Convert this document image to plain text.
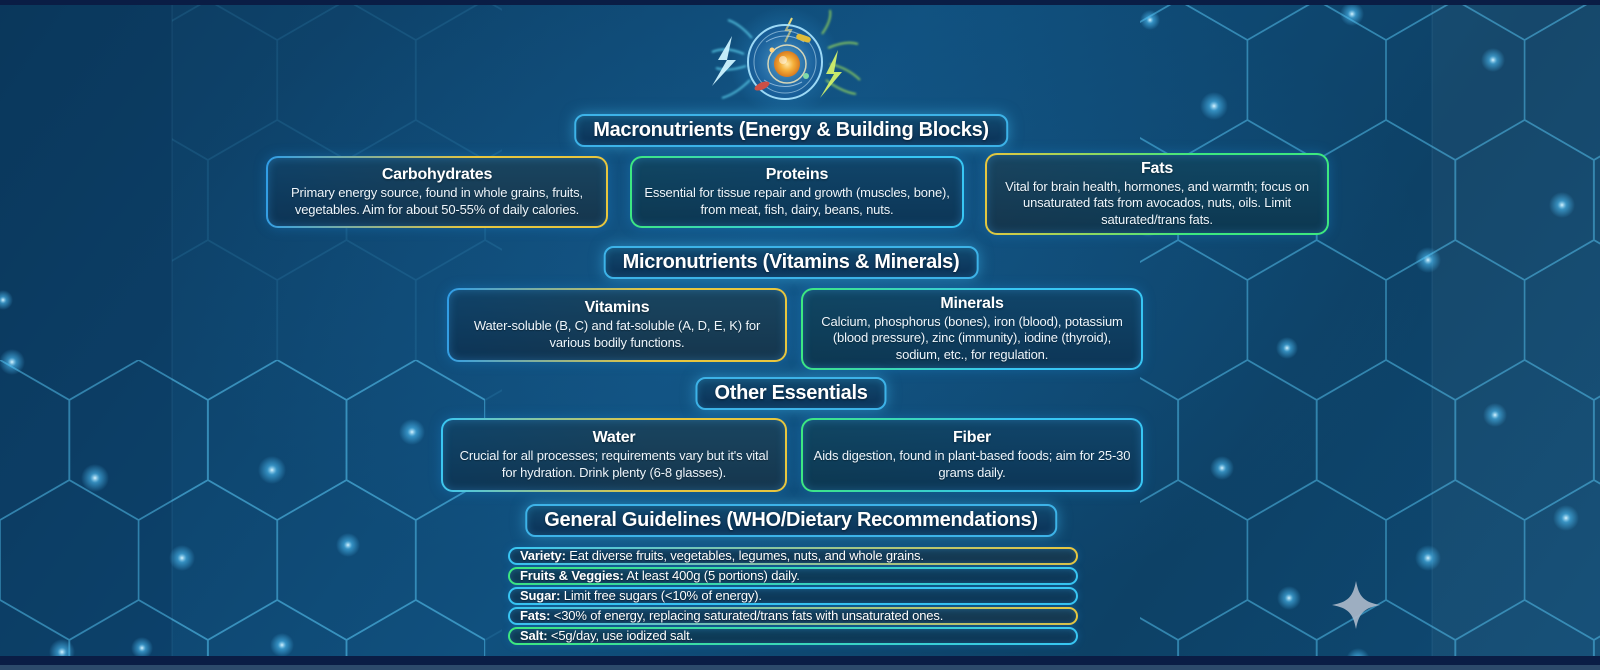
Macronutrients (Energy & Building Blocks)
Carbohydrates
Primary energy source, found in whole grains, fruits, vegetables. Aim for about 50-55% of daily calories.
Proteins
Essential for tissue repair and growth (muscles, bone), from meat, fish, dairy, beans, nuts.
Fats
Vital for brain health, hormones, and warmth; focus on unsaturated fats from avocados, nuts, oils. Limit saturated/trans fats.
Micronutrients (Vitamins & Minerals)
Vitamins
Water-soluble (B, C) and fat-soluble (A, D, E, K) for various bodily functions.
Minerals
Calcium, phosphorus (bones), iron (blood), potassium (blood pressure), zinc (immunity), iodine (thyroid), sodium, etc., for regulation.
Other Essentials
Water
Crucial for all processes; requirements vary but it's vital for hydration. Drink plenty (6-8 glasses).
Fiber
Aids digestion, found in plant-based foods; aim for 25-30 grams daily.
General Guidelines (WHO/Dietary Recommendations)
Variety: Eat diverse fruits, vegetables, legumes, nuts, and whole grains.
Fruits & Veggies: At least 400g (5 portions) daily.
Sugar: Limit free sugars (<10% of energy).
Fats: <30% of energy, replacing saturated/trans fats with unsaturated ones.
Salt: <5g/day, use iodized salt.
